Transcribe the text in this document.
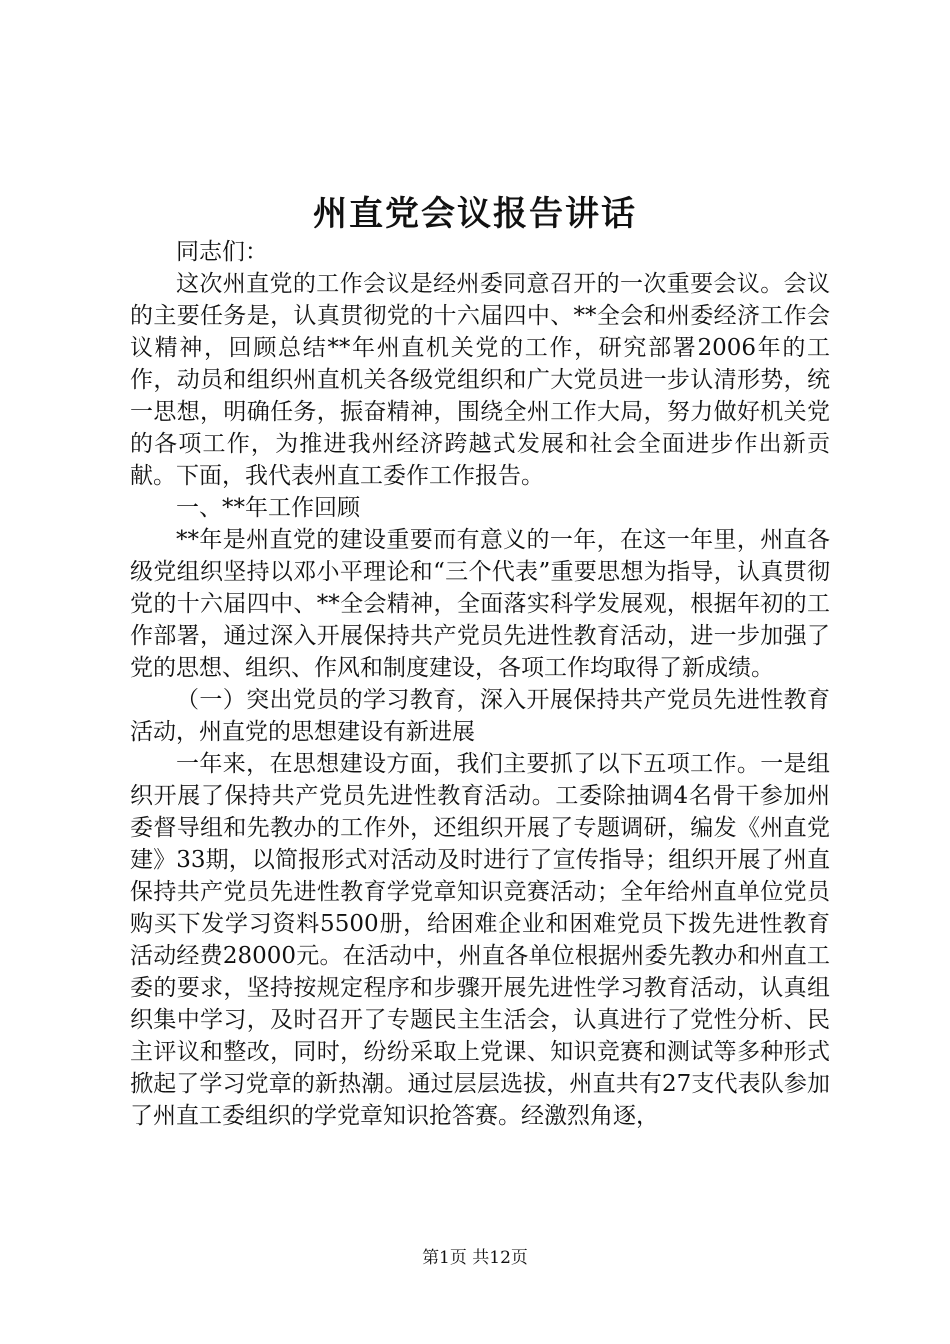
州直党会议报告讲话

同志们：

这次州直党的工作会议是经州委同意召开的一次重要会议。会议的主要任务是，认真贯彻党的十六届四中、**全会和州委经济工作会议精神，回顾总结**年州直机关党的工作，研究部署2006年的工作，动员和组织州直机关各级党组织和广大党员进一步认清形势，统一思想，明确任务，振奋精神，围绕全州工作大局，努力做好机关党的各项工作，为推进我州经济跨越式发展和社会全面进步作出新贡献。下面，我代表州直工委作工作报告。

一、**年工作回顾

**年是州直党的建设重要而有意义的一年，在这一年里，州直各级党组织坚持以邓小平理论和“三个代表”重要思想为指导，认真贯彻党的十六届四中、**全会精神，全面落实科学发展观，根据年初的工作部署，通过深入开展保持共产党员先进性教育活动，进一步加强了党的思想、组织、作风和制度建设，各项工作均取得了新成绩。

（一）突出党员的学习教育，深入开展保持共产党员先进性教育活动，州直党的思想建设有新进展

一年来，在思想建设方面，我们主要抓了以下五项工作。一是组织开展了保持共产党员先进性教育活动。工委除抽调4名骨干参加州委督导组和先教办的工作外，还组织开展了专题调研，编发《州直党建》33期，以简报形式对活动及时进行了宣传指导；组织开展了州直保持共产党员先进性教育学党章知识竞赛活动；全年给州直单位党员购买下发学习资料5500册，给困难企业和困难党员下拨先进性教育活动经费28000元。在活动中，州直各单位根据州委先教办和州直工委的要求，坚持按规定程序和步骤开展先进性学习教育活动，认真组织集中学习，及时召开了专题民主生活会，认真进行了党性分析、民主评议和整改，同时，纷纷采取上党课、知识竞赛和测试等多种形式掀起了学习党章的新热潮。通过层层选拔，州直共有27支代表队参加了州直工委组织的学党章知识抢答赛。经激烈角逐，

第1页 共12页
